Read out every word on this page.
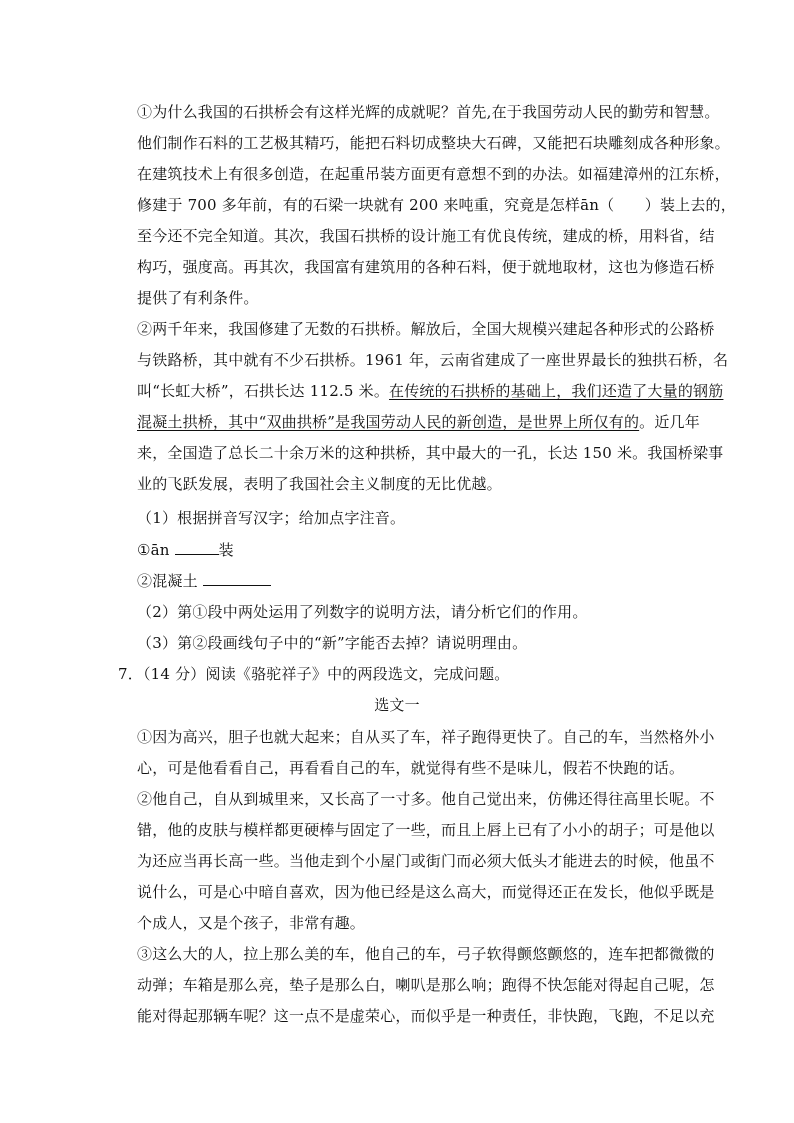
①为什么我国的石拱桥会有这样光辉的成就呢？首先,在于我国劳动人民的勤劳和智慧。
他们制作石料的工艺极其精巧，能把石料切成整块大石碑，又能把石块雕刻成各种形象。
在建筑技术上有很多创造，在起重吊装方面更有意想不到的办法。如福建漳州的江东桥，
修建于 700 多年前，有的石梁一块就有 200 来吨重，究竟是怎样ān（　　）装上去的，
至今还不完全知道。其次，我国石拱桥的设计施工有优良传统，建成的桥，用料省，结
构巧，强度高。再其次，我国富有建筑用的各种石料，便于就地取材，这也为修造石桥
提供了有利条件。
②两千年来，我国修建了无数的石拱桥。解放后，全国大规模兴建起各种形式的公路桥
与铁路桥，其中就有不少石拱桥。1961 年，云南省建成了一座世界最长的独拱石桥，名
叫“长虹大桥”，石拱长达 112.5 米。在传统的石拱桥的基础上，我们还造了大量的钢筋
混凝土拱桥，其中“双曲拱桥”是我国劳动人民的新创造，是世界上所仅有的。近几年
来，全国造了总长二十余万米的这种拱桥，其中最大的一孔，长达 150 米。我国桥梁事
业的飞跃发展，表明了我国社会主义制度的无比优越。
（1）根据拼音写汉字；给加点字注音。
①ān	装
②混凝土
（2）第①段中两处运用了列数字的说明方法，请分析它们的作用。
（3）第②段画线句子中的“新”字能否去掉？请说明理由。
7．（14 分）阅读《骆驼祥子》中的两段选文，完成问题。
选文一
①因为高兴，胆子也就大起来；自从买了车，祥子跑得更快了。自己的车，当然格外小
心，可是他看看自己，再看看自己的车，就觉得有些不是味儿，假若不快跑的话。
②他自己，自从到城里来，又长高了一寸多。他自己觉出来，仿佛还得往高里长呢。不
错，他的皮肤与模样都更硬棒与固定了一些，而且上唇上已有了小小的胡子；可是他以
为还应当再长高一些。当他走到个小屋门或街门而必须大低头才能进去的时候，他虽不
说什么，可是心中暗自喜欢，因为他已经是这么高大，而觉得还正在发长，他似乎既是
个成人，又是个孩子，非常有趣。
③这么大的人，拉上那么美的车，他自己的车，弓子软得颤悠颤悠的，连车把都微微的
动弹；车箱是那么亮，垫子是那么白，喇叭是那么响；跑得不快怎能对得起自己呢，怎
能对得起那辆车呢？这一点不是虚荣心，而似乎是一种责任，非快跑，飞跑，不足以充
